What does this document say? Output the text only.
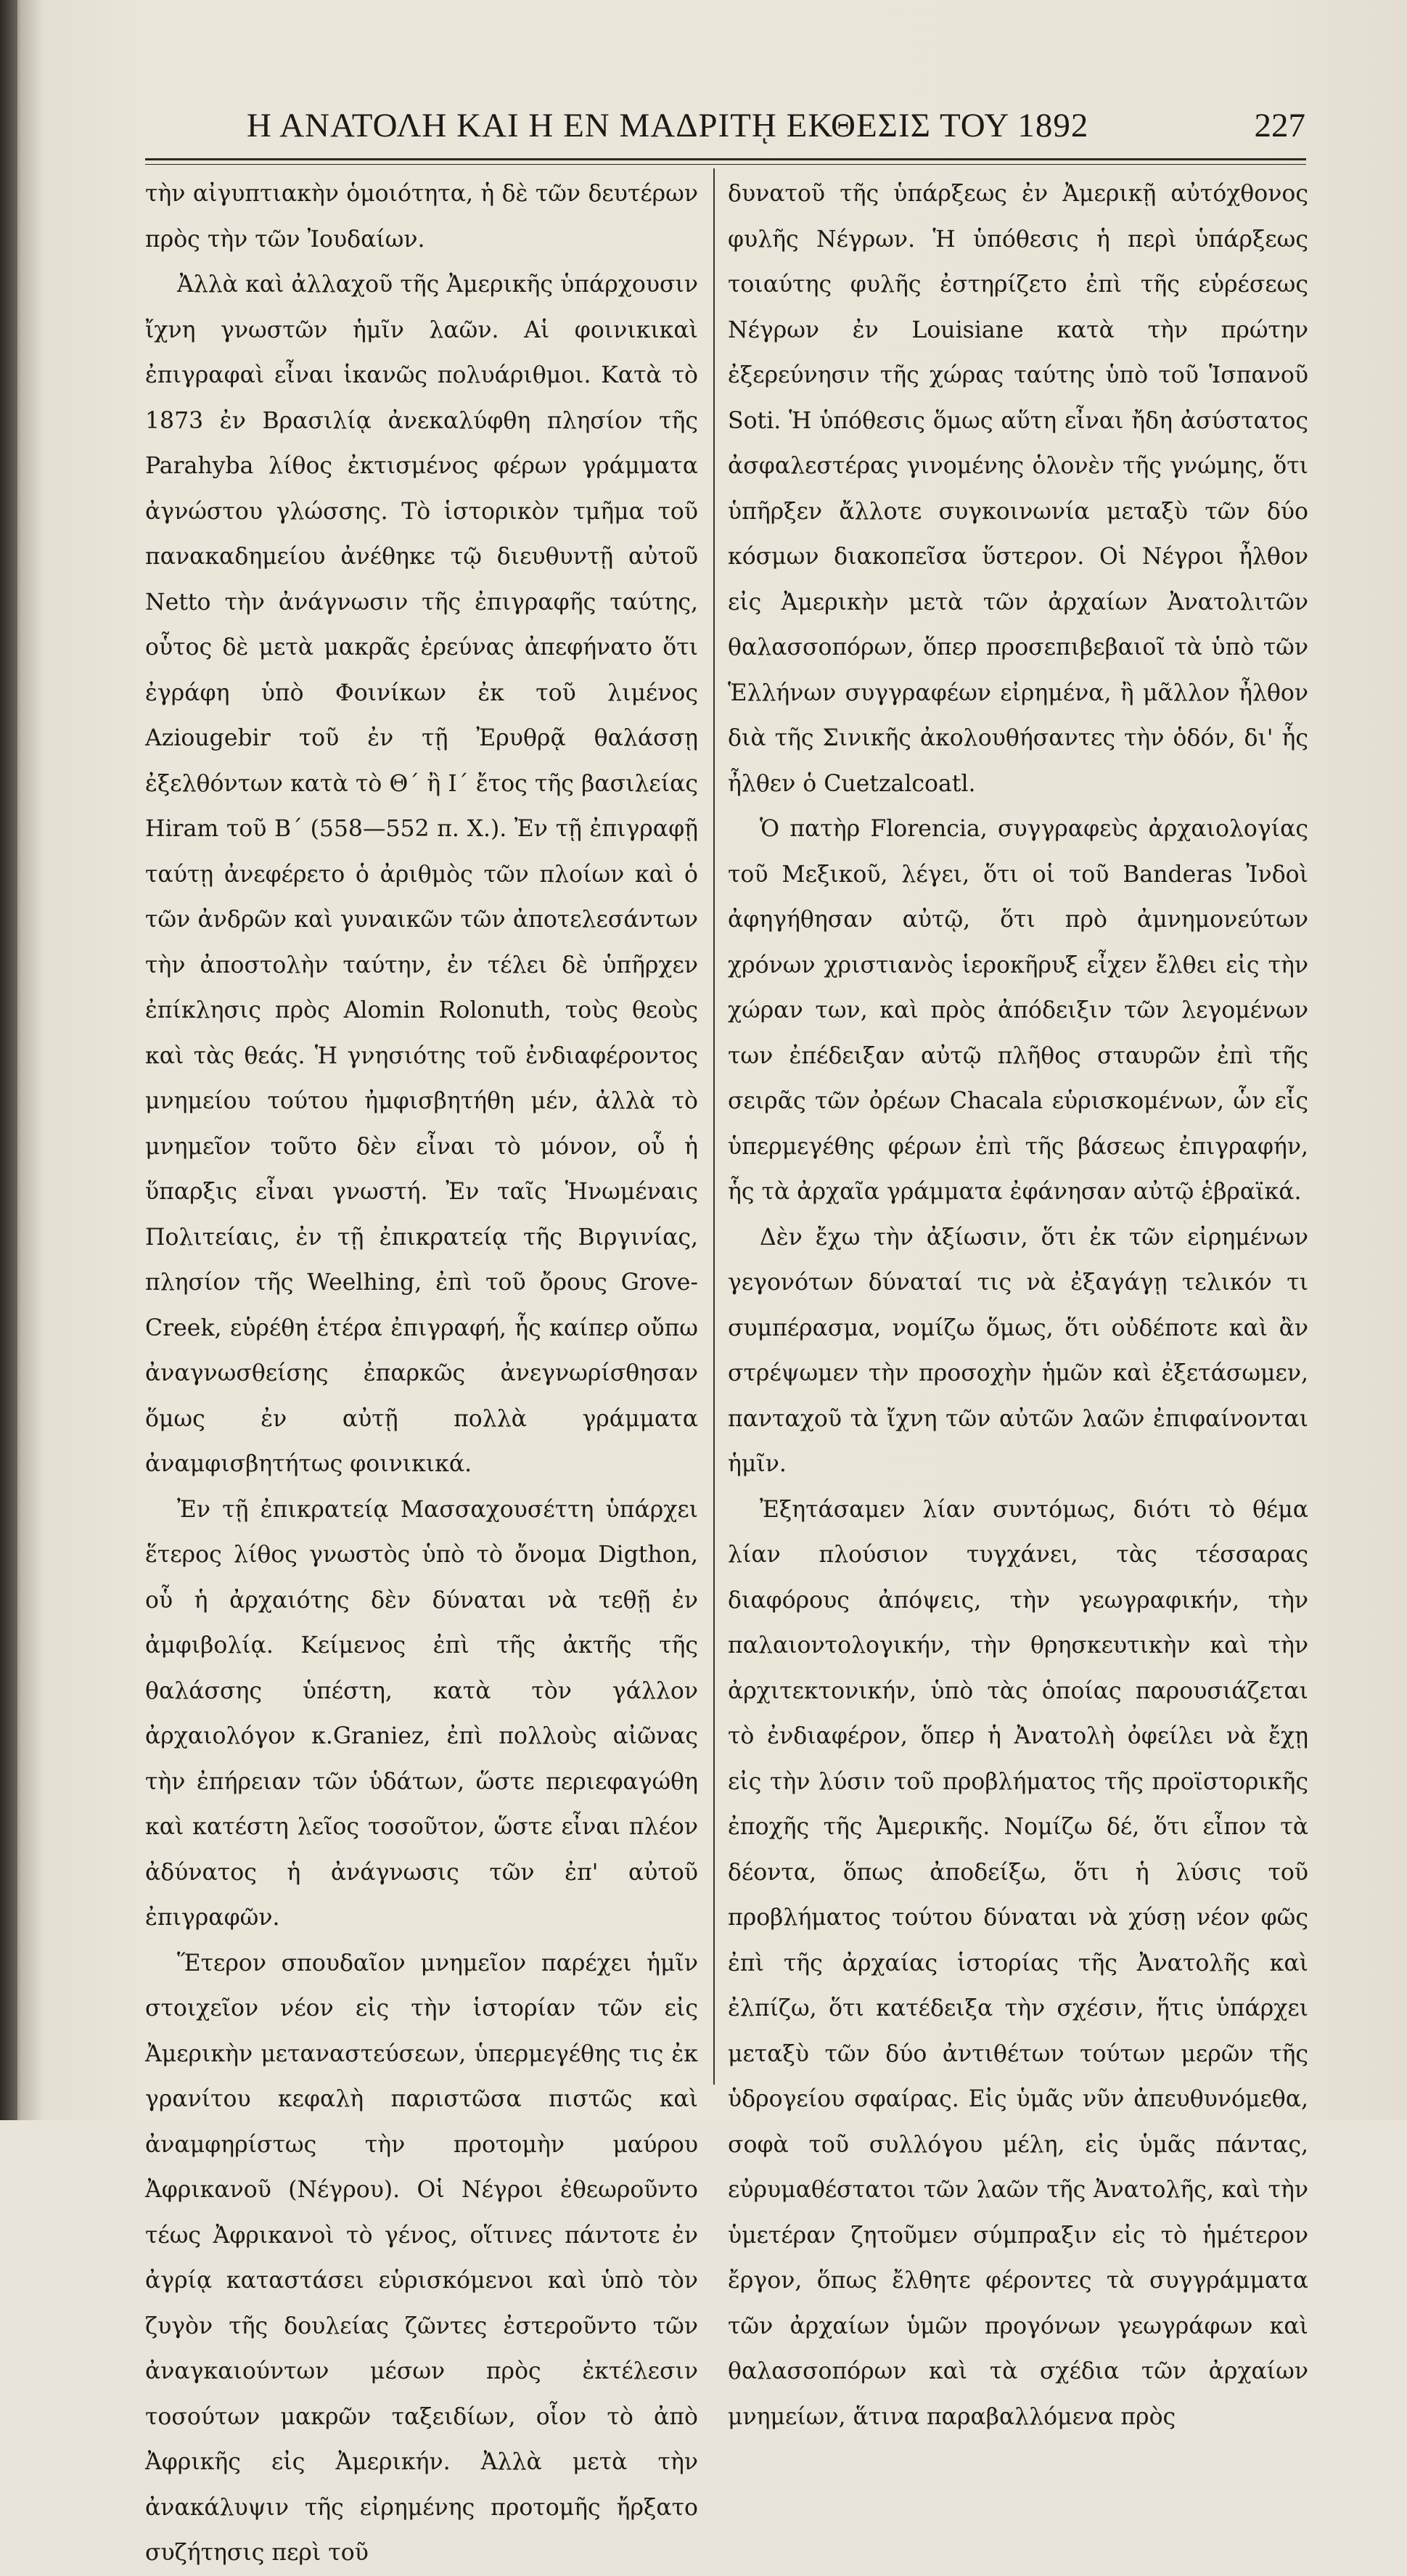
Η ΑΝΑΤΟΛΗ ΚΑΙ Η ΕΝ ΜΑΔΡΙΤῌ ΕΚΘΕΣΙΣ ΤΟΥ 1892	227

τὴν αἰγυπτιακὴν ὁμοιότητα, ἡ δὲ τῶν δευτέρων πρὸς τὴν τῶν Ἰουδαίων.

Ἀλλὰ καὶ ἀλλαχοῦ τῆς Ἀμερικῆς ὑπάρχουσιν ἴχνη γνωστῶν ἡμῖν λαῶν. Αἱ φοινικικαὶ ἐπιγραφαὶ εἶναι ἱκανῶς πολυάριθμοι. Κατὰ τὸ 1873 ἐν Βρασιλίᾳ ἀνεκαλύφθη πλησίον τῆς Parahyba λίθος ἐκτισμένος φέρων γράμματα ἀγνώστου γλώσσης. Τὸ ἱστορικὸν τμῆμα τοῦ πανακαδημείου ἀνέθηκε τῷ διευθυντῇ αὐτοῦ Netto τὴν ἀνάγνωσιν τῆς ἐπιγραφῆς ταύτης, οὗτος δὲ μετὰ μακρᾶς ἐρεύνας ἀπεφήνατο ὅτι ἐγράφη ὑπὸ Φοινίκων ἐκ τοῦ λιμένος Aziougebir τοῦ ἐν τῇ Ἐρυθρᾷ θαλάσσῃ ἐξελθόντων κατὰ τὸ Θ΄ ἢ Ι΄ ἔτος τῆς βασιλείας Hiram τοῦ Β΄ (558—552 π. Χ.). Ἐν τῇ ἐπιγραφῇ ταύτῃ ἀνεφέρετο ὁ ἀριθμὸς τῶν πλοίων καὶ ὁ τῶν ἀνδρῶν καὶ γυναικῶν τῶν ἀποτελεσάντων τὴν ἀποστολὴν ταύτην, ἐν τέλει δὲ ὑπῆρχεν ἐπίκλησις πρὸς Alomin Rolonuth, τοὺς θεοὺς καὶ τὰς θεάς. Ἡ γνησιότης τοῦ ἐνδιαφέροντος μνημείου τούτου ἠμφισβητήθη μέν, ἀλλὰ τὸ μνημεῖον τοῦτο δὲν εἶναι τὸ μόνον, οὗ ἡ ὕπαρξις εἶναι γνωστή. Ἐν ταῖς Ἡνωμέναις Πολιτείαις, ἐν τῇ ἐπικρατείᾳ τῆς Βιργινίας, πλησίον τῆς Weelhing, ἐπὶ τοῦ ὄρους Grove-Creek, εὑρέθη ἑτέρα ἐπιγραφή, ἧς καίπερ οὔπω ἀναγνωσθείσης ἐπαρκῶς ἀνεγνωρίσθησαν ὅμως ἐν αὐτῇ πολλὰ γράμματα ἀναμφισβητήτως φοινικικά.

Ἐν τῇ ἐπικρατείᾳ Μασσαχουσέττη ὑπάρχει ἕτερος λίθος γνωστὸς ὑπὸ τὸ ὄνομα Digthon, οὗ ἡ ἀρχαιότης δὲν δύναται νὰ τεθῇ ἐν ἀμφιβολίᾳ. Κείμενος ἐπὶ τῆς ἀκτῆς τῆς θαλάσσης ὑπέστη, κατὰ τὸν γάλλον ἀρχαιολόγον κ.Graniez, ἐπὶ πολλοὺς αἰῶνας τὴν ἐπήρειαν τῶν ὑδάτων, ὥστε περιεφαγώθη καὶ κατέστη λεῖος τοσοῦτον, ὥστε εἶναι πλέον ἀδύνατος ἡ ἀνάγνωσις τῶν ἐπ' αὐτοῦ ἐπιγραφῶν.

Ἕτερον σπουδαῖον μνημεῖον παρέχει ἡμῖν στοιχεῖον νέον εἰς τὴν ἱστορίαν τῶν εἰς Ἀμερικὴν μεταναστεύσεων, ὑπερμεγέθης τις ἐκ γρανίτου κεφαλὴ παριστῶσα πιστῶς καὶ ἀναμφηρίστως τὴν προτομὴν μαύρου Ἀφρικανοῦ (Νέγρου). Οἱ Νέγροι ἐθεωροῦντο τέως Ἀφρικανοὶ τὸ γένος, οἵτινες πάντοτε ἐν ἀγρίᾳ καταστάσει εὑρισκόμενοι καὶ ὑπὸ τὸν ζυγὸν τῆς δουλείας ζῶντες ἐστεροῦντο τῶν ἀναγκαιούντων μέσων πρὸς ἐκτέλεσιν τοσούτων μακρῶν ταξειδίων, οἷον τὸ ἀπὸ Ἀφρικῆς εἰς Ἀμερικήν. Ἀλλὰ μετὰ τὴν ἀνακάλυψιν τῆς εἰρημένης προτομῆς ἤρξατο συζήτησις περὶ τοῦ

δυνατοῦ τῆς ὑπάρξεως ἐν Ἀμερικῇ αὐτόχθονος φυλῆς Νέγρων. Ἡ ὑπόθεσις ἡ περὶ ὑπάρξεως τοιαύτης φυλῆς ἐστηρίζετο ἐπὶ τῆς εὑρέσεως Νέγρων ἐν Louisiane κατὰ τὴν πρώτην ἐξερεύνησιν τῆς χώρας ταύτης ὑπὸ τοῦ Ἱσπανοῦ Soti. Ἡ ὑπόθεσις ὅμως αὕτη εἶναι ἤδη ἀσύστατος ἀσφαλεστέρας γινομένης ὁλονὲν τῆς γνώμης, ὅτι ὑπῆρξεν ἄλλοτε συγκοινωνία μεταξὺ τῶν δύο κόσμων διακοπεῖσα ὕστερον. Οἱ Νέγροι ἦλθον εἰς Ἀμερικὴν μετὰ τῶν ἀρχαίων Ἀνατολιτῶν θαλασσοπόρων, ὅπερ προσεπιβεβαιοῖ τὰ ὑπὸ τῶν Ἑλλήνων συγγραφέων εἰρημένα, ἢ μᾶλλον ἦλθον διὰ τῆς Σινικῆς ἀκολουθήσαντες τὴν ὁδόν, δι' ἧς ἦλθεν ὁ Cuetzalcoatl.

Ὁ πατὴρ Florencia, συγγραφεὺς ἀρχαιολογίας τοῦ Μεξικοῦ, λέγει, ὅτι οἱ τοῦ Banderas Ἰνδοὶ ἀφηγήθησαν αὐτῷ, ὅτι πρὸ ἀμνημονεύτων χρόνων χριστιανὸς ἱεροκῆρυξ εἶχεν ἔλθει εἰς τὴν χώραν των, καὶ πρὸς ἀπόδειξιν τῶν λεγομένων των ἐπέδειξαν αὐτῷ πλῆθος σταυρῶν ἐπὶ τῆς σειρᾶς τῶν ὀρέων Chacala εὑρισκομένων, ὧν εἷς ὑπερμεγέθης φέρων ἐπὶ τῆς βάσεως ἐπιγραφήν, ἧς τὰ ἀρχαῖα γράμματα ἐφάνησαν αὐτῷ ἑβραϊκά.

Δὲν ἔχω τὴν ἀξίωσιν, ὅτι ἐκ τῶν εἰρημένων γεγονότων δύναταί τις νὰ ἐξαγάγῃ τελικόν τι συμπέρασμα, νομίζω ὅμως, ὅτι οὐδέποτε καὶ ἂν στρέψωμεν τὴν προσοχὴν ἡμῶν καὶ ἐξετάσωμεν, πανταχοῦ τὰ ἴχνη τῶν αὐτῶν λαῶν ἐπιφαίνονται ἡμῖν.

Ἐξητάσαμεν λίαν συντόμως, διότι τὸ θέμα λίαν πλούσιον τυγχάνει, τὰς τέσσαρας διαφόρους ἀπόψεις, τὴν γεωγραφικήν, τὴν παλαιοντολογικήν, τὴν θρησκευτικὴν καὶ τὴν ἀρχιτεκτονικήν, ὑπὸ τὰς ὁποίας παρουσιάζεται τὸ ἐνδιαφέρον, ὅπερ ἡ Ἀνατολὴ ὀφείλει νὰ ἔχῃ εἰς τὴν λύσιν τοῦ προβλήματος τῆς προϊστορικῆς ἐποχῆς τῆς Ἀμερικῆς. Νομίζω δέ, ὅτι εἶπον τὰ δέοντα, ὅπως ἀποδείξω, ὅτι ἡ λύσις τοῦ προβλήματος τούτου δύναται νὰ χύσῃ νέον φῶς ἐπὶ τῆς ἀρχαίας ἱστορίας τῆς Ἀνατολῆς καὶ ἐλπίζω, ὅτι κατέδειξα τὴν σχέσιν, ἥτις ὑπάρχει μεταξὺ τῶν δύο ἀντιθέτων τούτων μερῶν τῆς ὑδρογείου σφαίρας. Εἰς ὑμᾶς νῦν ἀπευθυνόμεθα, σοφὰ τοῦ συλλόγου μέλη, εἰς ὑμᾶς πάντας, εὐρυμαθέστατοι τῶν λαῶν τῆς Ἀνατολῆς, καὶ τὴν ὑμετέραν ζητοῦμεν σύμπραξιν εἰς τὸ ἡμέτερον ἔργον, ὅπως ἔλθητε φέροντες τὰ συγγράμματα τῶν ἀρχαίων ὑμῶν προγόνων γεωγράφων καὶ θαλασσοπόρων καὶ τὰ σχέδια τῶν ἀρχαίων μνημείων, ἅτινα παραβαλλόμενα πρὸς
